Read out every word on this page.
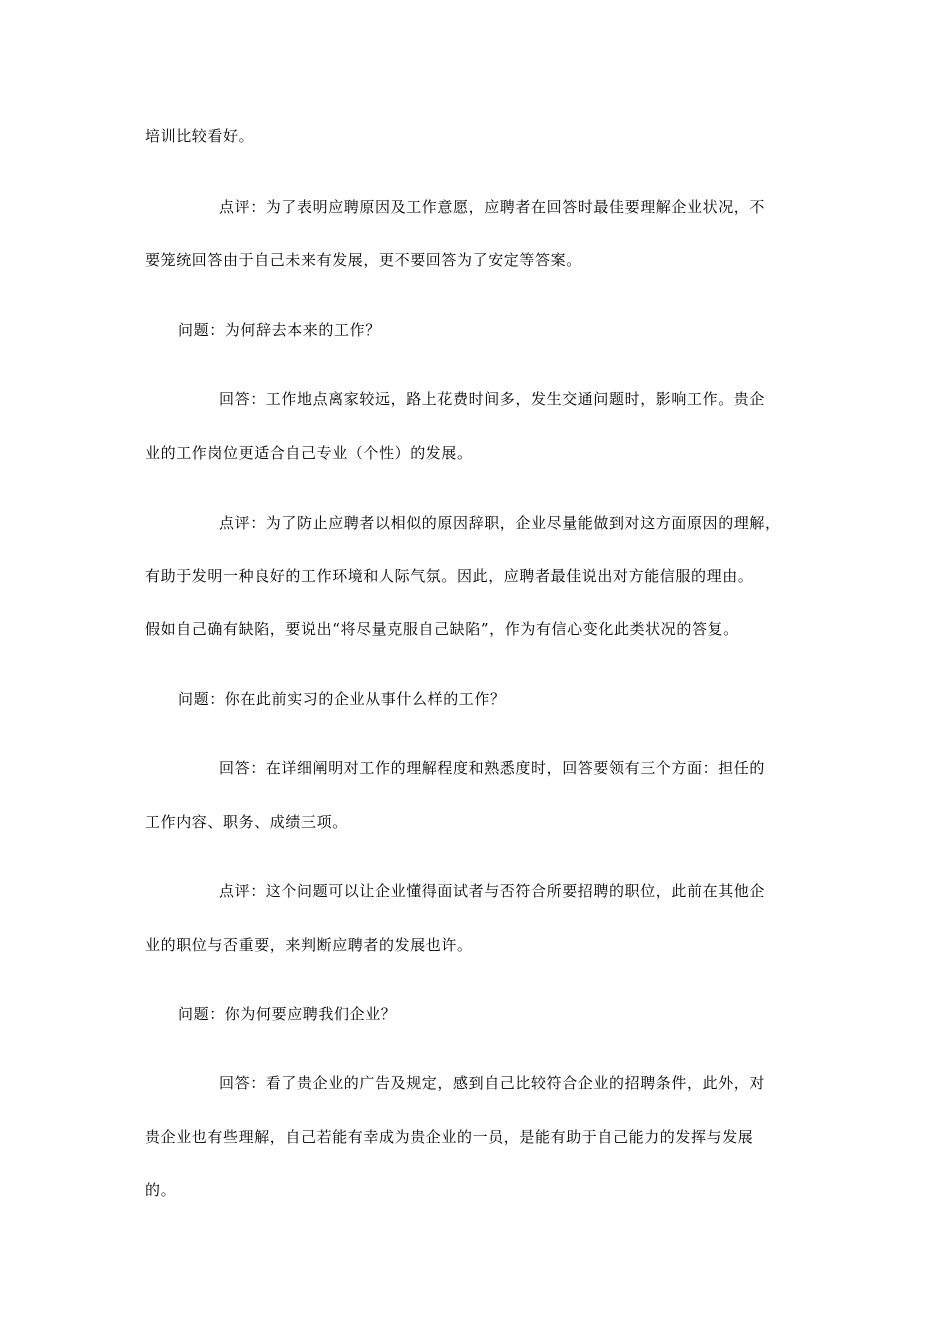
培训比较看好。

点评：为了表明应聘原因及工作意愿，应聘者在回答时最佳要理解企业状况，不

要笼统回答由于自己未来有发展，更不要回答为了安定等答案。

问题：为何辞去本来的工作？

回答：工作地点离家较远，路上花费时间多，发生交通问题时，影响工作。贵企

业的工作岗位更适合自己专业（个性）的发展。

点评：为了防止应聘者以相似的原因辞职，企业尽量能做到对这方面原因的理解，

有助于发明一种良好的工作环境和人际气氛。因此，应聘者最佳说出对方能信服的理由。

假如自己确有缺陷，要说出“将尽量克服自己缺陷”，作为有信心变化此类状况的答复。

问题：你在此前实习的企业从事什么样的工作？

回答：在详细阐明对工作的理解程度和熟悉度时，回答要领有三个方面：担任的

工作内容、职务、成绩三项。

点评：这个问题可以让企业懂得面试者与否符合所要招聘的职位，此前在其他企

业的职位与否重要，来判断应聘者的发展也许。

问题：你为何要应聘我们企业？

回答：看了贵企业的广告及规定，感到自己比较符合企业的招聘条件，此外，对

贵企业也有些理解，自己若能有幸成为贵企业的一员，是能有助于自己能力的发挥与发展

的。
